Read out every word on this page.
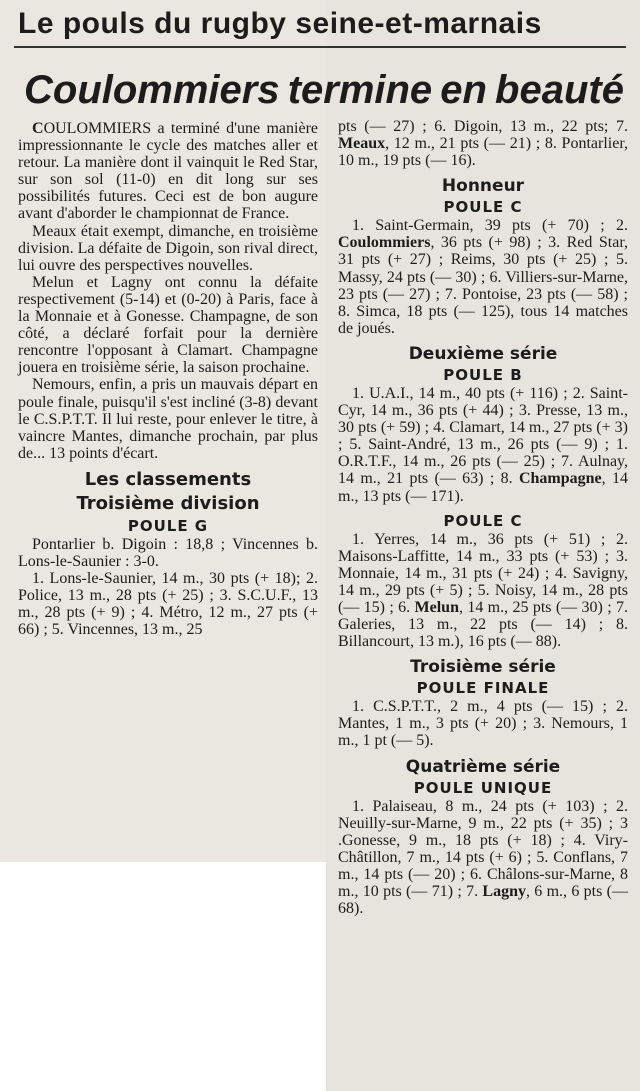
Le pouls du rugby seine-et-marnais
Coulommiers termine en beauté

COULOMMIERS a terminé d'une manière impressionnante le cycle des matches aller et retour. La manière dont il vainquit le Red Star, sur son sol (11-0) en dit long sur ses possibilités futures. Ceci est de bon augure avant d'aborder le championnat de France.

Meaux était exempt, dimanche, en troisième division. La défaite de Digoin, son rival direct, lui ouvre des perspectives nouvelles.

Melun et Lagny ont connu la défaite respectivement (5-14) et (0-20) à Paris, face à la Monnaie et à Gonesse. Champagne, de son côté, a déclaré forfait pour la dernière rencontre l'opposant à Clamart. Champagne jouera en troisième série, la saison prochaine.

Nemours, enfin, a pris un mauvais départ en poule finale, puisqu'il s'est incliné (3-8) devant le C.S.P.T.T. Il lui reste, pour enlever le titre, à vaincre Mantes, dimanche prochain, par plus de... 13 points d'écart.

Les classements
Troisième division
POULE G

Pontarlier b. Digoin : 18,8 ; Vincennes b. Lons-le-Saunier : 3-0.

1. Lons-le-Saunier, 14 m., 30 pts (+ 18); 2. Police, 13 m., 28 pts (+ 25) ; 3. S.C.U.F., 13 m., 28 pts (+ 9) ; 4. Métro, 12 m., 27 pts (+ 66) ; 5. Vincennes, 13 m., 25

pts (— 27) ; 6. Digoin, 13 m., 22 pts; 7. Meaux, 12 m., 21 pts (— 21) ; 8. Pontarlier, 10 m., 19 pts (— 16).

Honneur
POULE C

1. Saint-Germain, 39 pts (+ 70) ; 2. Coulommiers, 36 pts (+ 98) ; 3. Red Star, 31 pts (+ 27) ; Reims, 30 pts (+ 25) ; 5. Massy, 24 pts (— 30) ; 6. Villiers-sur-Marne, 23 pts (— 27) ; 7. Pontoise, 23 pts (— 58) ; 8. Simca, 18 pts (— 125), tous 14 matches de joués.

Deuxième série
POULE B

1. U.A.I., 14 m., 40 pts (+ 116) ; 2. Saint-Cyr, 14 m., 36 pts (+ 44) ; 3. Presse, 13 m., 30 pts (+ 59) ; 4. Clamart, 14 m., 27 pts (+ 3) ; 5. Saint-André, 13 m., 26 pts (— 9) ; 1. O.R.T.F., 14 m., 26 pts (— 25) ; 7. Aulnay, 14 m., 21 pts (— 63) ; 8. Champagne, 14 m., 13 pts (— 171).

POULE C

1. Yerres, 14 m., 36 pts (+ 51) ; 2. Maisons-Laffitte, 14 m., 33 pts (+ 53) ; 3. Monnaie, 14 m., 31 pts (+ 24) ; 4. Savigny, 14 m., 29 pts (+ 5) ; 5. Noisy, 14 m., 28 pts (— 15) ; 6. Melun, 14 m., 25 pts (— 30) ; 7. Galeries, 13 m., 22 pts (— 14) ; 8. Billancourt, 13 m.), 16 pts (— 88).

Troisième série
POULE FINALE

1. C.S.P.T.T., 2 m., 4 pts (— 15) ; 2. Mantes, 1 m., 3 pts (+ 20) ; 3. Nemours, 1 m., 1 pt (— 5).

Quatrième série
POULE UNIQUE

1. Palaiseau, 8 m., 24 pts (+ 103) ; 2. Neuilly-sur-Marne, 9 m., 22 pts (+ 35) ; 3 .Gonesse, 9 m., 18 pts (+ 18) ; 4. Viry-Châtillon, 7 m., 14 pts (+ 6) ; 5. Conflans, 7 m., 14 pts (— 20) ; 6. Châlons-sur-Marne, 8 m., 10 pts (— 71) ; 7. Lagny, 6 m., 6 pts (— 68).
